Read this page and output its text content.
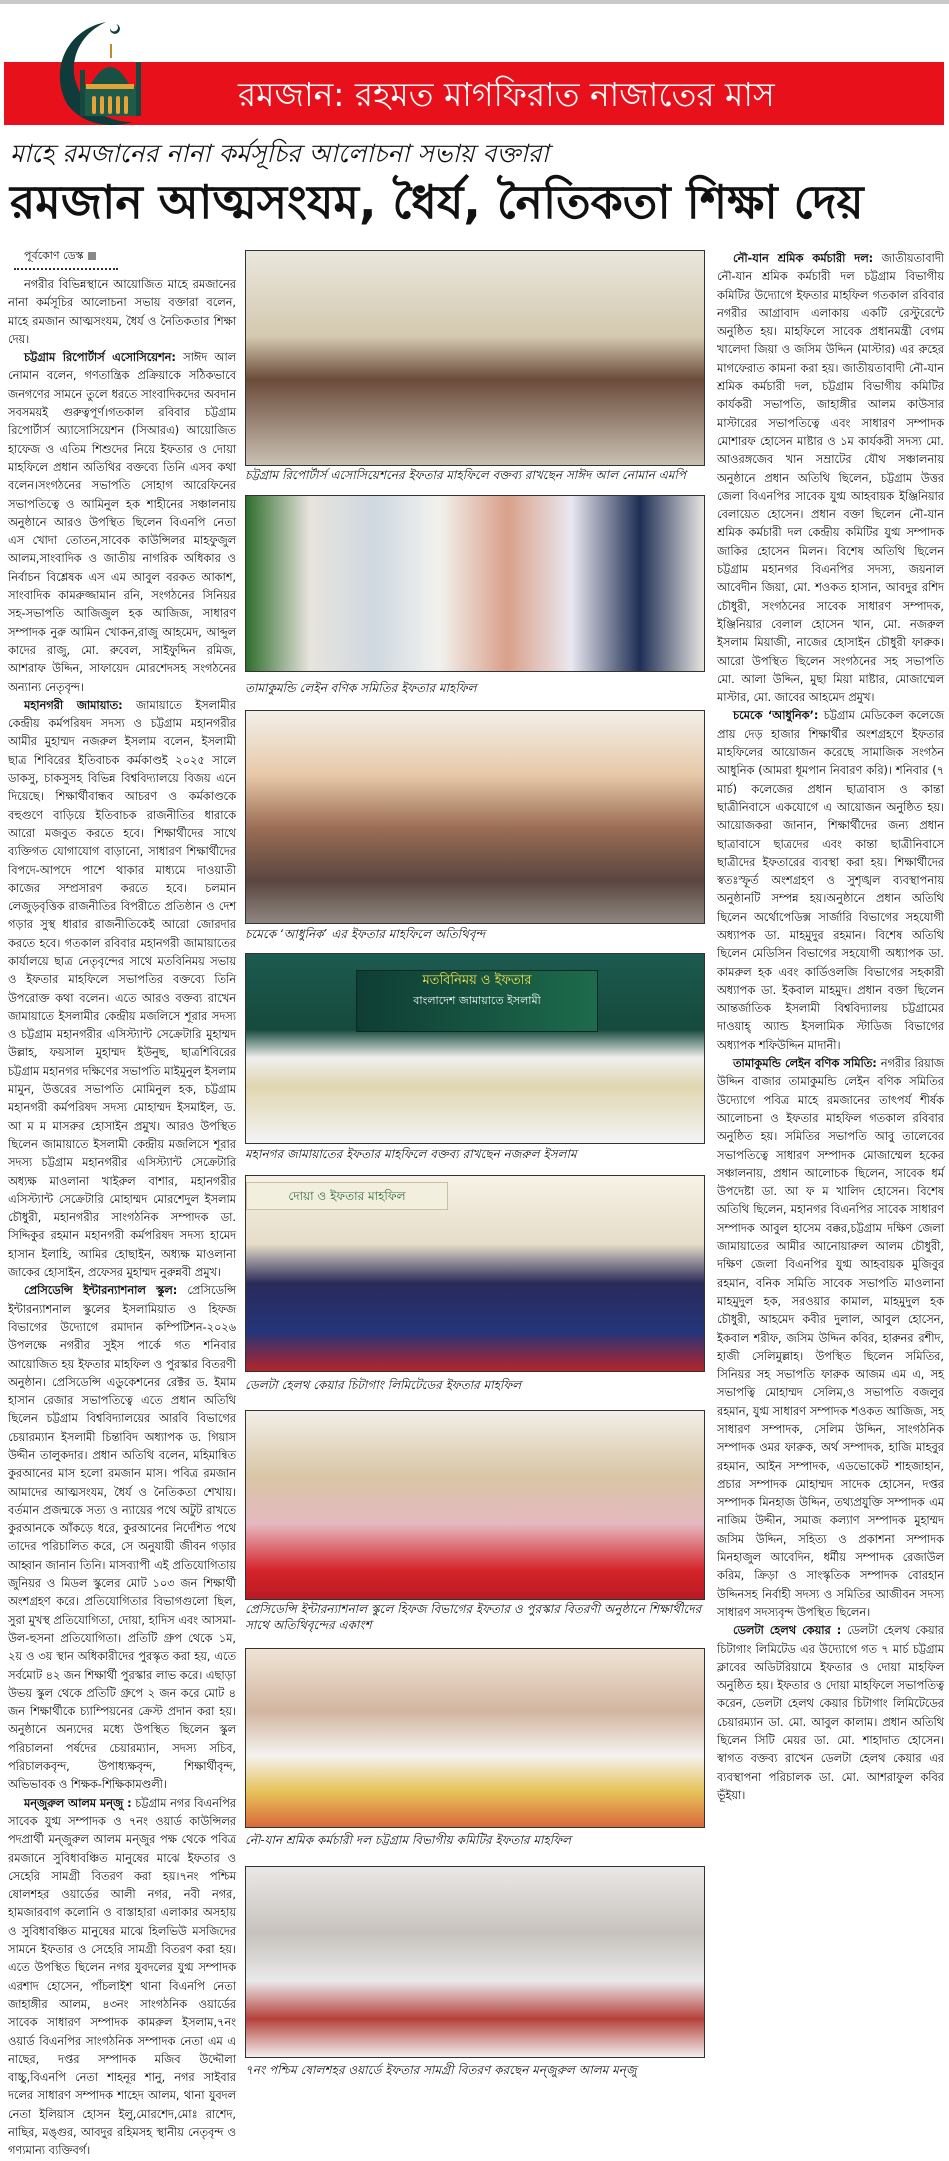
রমজান: রহমত মাগফিরাত নাজাতের মাস
মাহে রমজানের নানা কর্মসূচির আলোচনা সভায় বক্তারা
রমজান আত্মসংযম, ধৈর্য, নৈতিকতা শিক্ষা দেয়
পূর্বকোণ ডেস্ক

নগরীর বিভিন্নস্থানে আয়োজিত মাহে রমজানের নানা কর্মসূচির আলোচনা সভায় বক্তারা বলেন, মাহে রমজান আত্মসংযম, ধৈর্য ও নৈতিকতার শিক্ষা দেয়।

চট্টগ্রাম রিপোর্টার্স এসোসিয়েশন: সাঈদ আল নোমান বলেন, গণতান্ত্রিক প্রক্রিয়াকে সঠিকভাবে জনগণের সামনে তুলে ধরতে সাংবাদিকদের অবদান সবসময়ই গুরুত্বপূর্ণ।গতকাল রবিবার চট্টগ্রাম রিপোর্টার্স অ্যাসোসিয়েশন (সিআরএ) আয়োজিত হাফেজ ও এতিম শিশুদের নিয়ে ইফতার ও দোয়া মাহফিলে প্রধান অতিথির বক্তব্যে তিনি এসব কথা বলেন।সংগঠনের সভাপতি সোহাগ আরেফিনের সভাপতিত্বে ও আমিনুল হক শাহীনের সঞ্চালনায় অনুষ্ঠানে আরও উপস্থিত ছিলেন বিএনপি নেতা এস খোদা তোতন,সাবেক কাউন্সিলর মাহফুজুল আলম,সাংবাদিক ও জাতীয় নাগরিক অধিকার ও নির্বাচন বিশ্লেষক এস এম আবুল বরকত আকাশ, সাংবাদিক কামরুজ্জামান রনি, সংগঠনের সিনিয়র সহ-সভাপতি আজিজুল হক আজিজ, সাধারণ সম্পাদক নুরু আমিন খোকন,রাজু আহমেদ, আব্দুল কাদের রাজু, মো. রুবেল, সাইফুদ্দিন রমিজ, আশরাফ উদ্দিন, সাফায়েদ মোরশেদসহ সংগঠনের অন্যান্য নেতৃবৃন্দ।

মহানগরী জামায়াত: জামায়াতে ইসলামীর কেন্দ্রীয় কর্মপরিষদ সদস্য ও চট্টগ্রাম মহানগরীর আমীর মুহাম্মদ নজরুল ইসলাম বলেন, ইসলামী ছাত্র শিবিরের ইতিবাচক কর্মকাণ্ডই ২০২৫ সালে ডাকসু, চাকসুসহ বিভিন্ন বিশ্ববিদ্যালয়ে বিজয় এনে দিয়েছে। শিক্ষার্থীবান্ধব আচরণ ও কর্মকাণ্ডকে বহুগুণে বাড়িয়ে ইতিবাচক রাজনীতির ধারাকে আরো মজবুত করতে হবে। শিক্ষার্থীদের সাথে ব্যক্তিগত যোগাযোগ বাড়ানো, সাধারণ শিক্ষার্থীদের বিপদে-আপদে পাশে থাকার মাধ্যমে দাওয়াতী কাজের সম্প্রসারণ করতে হবে। চলমান লেজুড়বৃত্তিক রাজনীতির বিপরীতে প্রতিষ্ঠান ও দেশ গড়ার সুস্থ ধারার রাজনীতিকেই আরো জোরদার করতে হবে। গতকাল রবিবার মহানগরী জামায়াতের কার্যালয়ে ছাত্র নেতৃবৃন্দের সাথে মতবিনিময় সভায় ও ইফতার মাহফিলে সভাপতির বক্তব্যে তিনি উপরোক্ত কথা বলেন। এতে আরও বক্তব্য রাখেন জামায়াতে ইসলামীর কেন্দ্রীয় মজলিসে শূরার সদস্য ও চট্টগ্রাম মহানগরীর এসিস্ট্যান্ট সেক্রেটারি মুহাম্মদ উল্লাহ, ফয়সাল মুহাম্মদ ইউনুছ, ছাত্রশিবিরের চট্টগ্রাম মহানগর দক্ষিণের সভাপতি মাইমুনুল ইসলাম মামুন, উত্তরের সভাপতি মোমিনুল হক, চট্টগ্রাম মহানগরী কর্মপরিষদ সদস্য মোহাম্মদ ইসমাইল, ড. আ ম ম মাসরুর হোসাইন প্রমুখ। আরও উপস্থিত ছিলেন জামায়াতে ইসলামী কেন্দ্রীয় মজলিসে শূরার সদস্য চট্টগ্রাম মহানগরীর এসিস্ট্যান্ট সেক্রেটারি অধ্যক্ষ মাওলানা খাইরুল বাশার, মহানগরীর এসিস্ট্যান্ট সেক্রেটারি মোহাম্মদ মোরশেদুল ইসলাম চৌধুরী, মহানগরীর সাংগঠনিক সম্পাদক ডা. সিদ্দিকুর রহমান মহানগরী কর্মপরিষদ সদস্য হামেদ হাসান ইলাহি, আমির হোছাইন, অধ্যক্ষ মাওলানা জাকের হোসাইন, প্রফেসর মুহাম্মদ নুরুন্নবী প্রমুখ।

প্রেসিডেন্সি ইন্টারন্যাশনাল স্কুল: প্রেসিডেন্সি ইন্টারন্যাশনাল স্কুলের ইসলামিয়াত ও হিফজ বিভাগের উদ্যোগে রমাদান কম্পিটিশন-২০২৬ উপলক্ষে নগরীর সুইস পার্কে গত শনিবার আয়োজিত হয় ইফতার মাহফিল ও পুরস্কার বিতরণী অনুষ্ঠান। প্রেসিডেন্সি এডুকেশনের রেক্টর ড. ইমাম হাসান রেজার সভাপতিত্বে এতে প্রধান অতিথি ছিলেন চট্টগ্রাম বিশ্ববিদ্যালয়ের আরবি বিভাগের চেয়ারম্যান ইসলামী চিন্তাবিদ অধ্যাপক ড. গিয়াস উদ্দীন তালুকদার। প্রধান অতিথি বলেন, মহিমান্বিত কুরআনের মাস হলো রমজান মাস। পবিত্র রমজান আমাদের আত্মসংযম, ধৈর্য ও নৈতিকতা শেখায়। বর্তমান প্রজন্মকে সত্য ও ন্যায়ের পথে অটুট রাখতে কুরআনকে আঁকড়ে ধরে, কুরআনের নির্দেশিত পথে তাদের পরিচালিত করে, সে অনুযায়ী জীবন গড়ার আহ্বান জানান তিনি। মাসব্যাপী এই প্রতিযোগিতায় জুনিয়র ও মিডল স্কুলের মোট ১০৩ জন শিক্ষার্থী অংশগ্রহণ করে। প্রতিযোগিতার বিভাগগুলো ছিল, সুরা মুখস্থ প্রতিযোগিতা, দোয়া, হাদিস এবং আসমা-উল-হুসনা প্রতিযোগিতা। প্রতিটি গ্রুপ থেকে ১ম, ২য় ও ৩য় স্থান অধিকারীদের পুরস্কৃত করা হয়, এতে সর্বমোট ৪২ জন শিক্ষার্থী পুরস্কার লাভ করে। এছাড়া উভয় স্কুল থেকে প্রতিটি গ্রুপে ২ জন করে মোট ৪ জন শিক্ষার্থীকে চ্যাম্পিয়নের ক্রেস্ট প্রদান করা হয়। অনুষ্ঠানে অন্যদের মধ্যে উপস্থিত ছিলেন স্কুল পরিচালনা পর্ষদের চেয়ারম্যান, সদস্য সচিব, পরিচালকবৃন্দ, উপাধ্যক্ষবৃন্দ, শিক্ষার্থীবৃন্দ, অভিভাবক ও শিক্ষক-শিক্ষিকামণ্ডলী।

মন্‌জুরুল আলম মন্‌জু : চট্টগ্রাম নগর বিএনপির সাবেক যুগ্ম সম্পাদক ও ৭নং ওয়ার্ড কাউন্সিলর পদপ্রার্থী মন্‌জুরুল আলম মন্‌জুর পক্ষ থেকে পবিত্র রমজানে সুবিধাবঞ্চিত মানুষের মাঝে ইফতার ও সেহেরি সামগ্রী বিতরণ করা হয়।৭নং পশ্চিম ষোলশহর ওয়ার্ডের আলী নগর, নবী নগর, হামজারবাগ কলোনি ও বাস্তাহারা এলাকার অসহায় ও সুবিধাবঞ্চিত মানুষের মাঝে হিলভিউ মসজিদের সামনে ইফতার ও সেহেরি সামগ্রী বিতরণ করা হয়।এতে উপস্থিত ছিলেন নগর যুবদলের যুগ্ম সম্পাদক এরশাদ হোসেন, পাঁচলাইশ থানা বিএনপি নেতা জাহাঙ্গীর আলম, ৪৩নং সাংগঠনিক ওয়ার্ডের সাবেক সাধারণ সম্পাদক কামরুল ইসলাম,৭নং ওয়ার্ড বিএনপির সাংগঠনিক সম্পাদক নেতা এম এ নাছের, দপ্তর সম্পাদক মজিব উদ্দৌলা বাচ্চু,বিএনপি নেতা শাহনূর শানু, নগর সাইবার দলের সাধারণ সম্পাদক শাহেদ আলম, থানা যুবদল নেতা ইলিয়াস হোসন ইলু,মোরশেদ,মোঃ রাশেদ, নাছির, মঙ্গুর, আবদুর রহিমসহ স্থানীয় নেতৃবৃন্দ ও গণ্যমান্য ব্যক্তিবর্গ।

নৌ-যান শ্রমিক কর্মচারী দল: জাতীয়তাবাদী নৌ-যান শ্রমিক কর্মচারী দল চট্টগ্রাম বিভাগীয় কমিটির উদ্যোগে ইফতার মাহফিল গতকাল রবিবার নগরীর আগ্রাবাদ এলাকায় একটি রেস্টুরেন্টে অনুষ্ঠিত হয়। মাহফিলে সাবেক প্রধানমন্ত্রী বেগম খালেদা জিয়া ও জসিম উদ্দিন (মাস্টার) এর রুহের মাগফেরাত কামনা করা হয়। জাতীয়তাবাদী নৌ-যান শ্রমিক কর্মচারী দল, চট্টগ্রাম বিভাগীয় কমিটির কার্যকরী সভাপতি, জাহাঙ্গীর আলম কাউসার মাস্টারের সভাপতিত্বে এবং সাধারণ সম্পাদক মোশারফ হোসেন মাষ্টার ও ১ম কার্যকরী সদস্য মো. আওরঙ্গজেব খান সম্রাটের যৌথ সঞ্চালনায় অনুষ্ঠানে প্রধান অতিথি ছিলেন, চট্টগ্রাম উত্তর জেলা বিএনপির সাবেক যুগ্ম আহবায়ক ইঞ্জিনিয়ার বেলায়েত হোসেন। প্রধান বক্তা ছিলেন নৌ-যান শ্রমিক কর্মচারী দল কেন্দ্রীয় কমিটির যুগ্ম সম্পাদক জাকির হোসেন মিলন। বিশেষ অতিথি ছিলেন চট্টগ্রাম মহানগর বিএনপির সদস্য, জয়নাল আবেদীন জিয়া, মো. শওকত হাসান, আবদুর রশিদ চৌধুরী, সংগঠনের সাবেক সাধারণ সম্পাদক, ইঞ্জিনিয়ার বেলাল হোসেন খান, মো. নজরুল ইসলাম মিয়াজী, নাজের হোসাইন চৌধুরী ফারুক। আরো উপস্থিত ছিলেন সংগঠনের সহ সভাপতি মো. আলা উদ্দিন, মুছা মিয়া মাষ্টার, মোজাম্মেল মাস্টার, মো. জাবের আহমেদ প্রমুখ।

চমেকে ‘আধুনিক’: চট্টগ্রাম মেডিকেল কলেজে প্রায় দেড় হাজার শিক্ষার্থীর অংশগ্রহণে ইফতার মাহফিলের আয়োজন করেছে সামাজিক সংগঠন আধুনিক (আমরা ধূমপান নিবারণ করি)। শনিবার (৭ মার্চ) কলেজের প্রধান ছাত্রাবাস ও কান্তা ছাত্রীনিবাসে একযোগে এ আয়োজন অনুষ্ঠিত হয়। আয়োজকরা জানান, শিক্ষার্থীদের জন্য প্রধান ছাত্রাবাসে ছাত্রদের এবং কান্তা ছাত্রীনিবাসে ছাত্রীদের ইফতারের ব্যবস্থা করা হয়। শিক্ষার্থীদের স্বতঃস্ফূর্ত অংশগ্রহণ ও সুশৃঙ্খল ব্যবস্থাপনায় অনুষ্ঠানটি সম্পন্ন হয়।অনুষ্ঠানে প্রধান অতিথি ছিলেন অর্থোপেডিক্স সার্জারি বিভাগের সহযোগী অধ্যাপক ডা. মাহমুদুর রহমান। বিশেষ অতিথি ছিলেন মেডিসিন বিভাগের সহযোগী অধ্যাপক ডা. কামরুল হক এবং কার্ডিওলজি বিভাগের সহকারী অধ্যাপক ডা. ইকবাল মাহমুদ। প্রধান বক্তা ছিলেন আন্তর্জাতিক ইসলামী বিশ্ববিদ্যালয় চট্টগ্রামের দাওয়াহ্ অ্যান্ড ইসলামিক স্টাডিজ বিভাগের অধ্যাপক শফিউদ্দিন মাদানী।

তামাকুমন্ডি লেইন বণিক সমিতি: নগরীর রিয়াজ উদ্দিন বাজার তামাকুমন্ডি লেইন বণিক সমিতির উদ্যোগে পবিত্র মাহে রমজানের তাৎপর্য শীর্ষক আলোচনা ও ইফতার মাহফিল গতকাল রবিবার অনুষ্ঠিত হয়। সমিতির সভাপতি আবু তালেবের সভাপতিত্বে সাধারণ সম্পাদক মোজাম্মেল হকের সঞ্চালনায়, প্রধান আলোচক ছিলেন, সাবেক ধর্ম উপদেষ্টা ডা. আ ফ ম খালিদ হোসেন। বিশেষ অতিথি ছিলেন, মহানগর বিএনপির সাবেক সাধারণ সম্পাদক আবুল হাসেম বক্কর,চট্টগ্রাম দক্ষিণ জেলা জামায়াতের আমীর আনোয়ারুল আলম চৌধুরী, দক্ষিণ জেলা বিএনপির যুগ্ম আহবায়ক মুজিবুর রহমান, বনিক সমিতি সাবেক সভাপতি মাওলানা মাহমুদুল হক, সরওয়ার কামাল, মাহমুদুল হক চৌধুরী, আহমেদ কবীর দুলাল, আবুল হোসেন, ইকবাল শরীফ, জসিম উদ্দিন কবির, হারুনর রশীদ, হাজী সেলিমুল্লাহ। উপস্থিত ছিলেন সমিতির, সিনিয়র সহ সভাপতি ফারুক আজম এম এ, সহ সভাপত্বি মোহাম্মদ সেলিম,ও সভাপতি বজলুর রহমান, যুগ্ম সাধারণ সম্পাদক শওকত আজিজ, সহ সাধারণ সম্পাদক, সেলিম উদ্দিন, সাংগঠনিক সম্পাদক ওমর ফারুক, অর্থ সম্পাদক, হাজি মাহবুর রহমান, আইন সম্পাদক, এডভোকেট শাহজাহান, প্রচার সম্পাদক মোহাম্মদ সাদেক হোসেন, দপ্তর সম্পাদক মিনহাজ উদ্দিন, তথ্যপ্রযুক্তি সম্পাদক এম নাজিম উদ্দীন, সমাজ কল্যাণ সম্পাদক মুহাম্মদ জসিম উদ্দিন, সহিত্য ও প্রকাশনা সম্পাদক মিনহাজুল আবেদিন, ধর্মীয় সম্পাদক রেজাউল করিম, ক্রিড়া ও সাংস্কৃতিক সম্পাদক বোরহান উদ্দিনসহ নির্বাহী সদস্য ও সমিতির আজীবন সদস্য সাধারণ সদস্যবৃন্দ উপস্থিত ছিলেন।

ডেলটা হেলথ কেয়ার : ডেলটা হেলথ কেয়ার চিটাগাং লিমিটেড এর উদ্যোগে গত ৭ মার্চ চট্টগ্রাম ক্লাবের অডিটরিয়ামে ইফতার ও দোয়া মাহফিল অনুষ্ঠিত হয়। ইফতার ও দোয়া মাহফিলে সভাপতিত্ব করেন, ডেলটা হেলথ কেয়ার চিটাগাং লিমিটেডের চেয়ারম্যান ডা. মো. আবুল কালাম। প্রধান অতিথি ছিলেন সিটি মেয়র ডা. মো. শাহাদাত হোসেন। স্বাগত বক্তব্য রাখেন ডেলটা হেলথ কেয়ার এর ব্যবস্থাপনা পরিচালক ডা. মো. আশরাফুল কবির ভূঁইয়া।

চট্টগ্রাম রিপোর্টার্স এসোসিয়েশনের ইফতার মাহফিলে বক্তব্য রাখছেন সাঈদ আল নোমান এমপি
তামাকুমন্ডি লেইন বণিক সমিতির ইফতার মাহফিল
চমেকে ‘আধুনিক’ এর ইফতার মাহফিলে অতিথিবৃন্দ
মতবিনিময় ও ইফতার
বাংলাদেশ জামায়াতে ইসলামী
মহানগর জামায়াতের ইফতার মাহফিলে বক্তব্য রাখছেন নজরুল ইসলাম
দোয়া ও ইফতার মাহফিল
ডেলটা হেলথ কেয়ার চিটাগাং লিমিটেডের ইফতার মাহফিল
প্রেসিডেন্সি ইন্টারন্যাশনাল স্কুলে হিফজ বিভাগের ইফতার ও পুরস্কার বিতরণী অনুষ্ঠানে শিক্ষার্থীদের সাথে অতিথিবৃন্দের একাংশ
নৌ-যান শ্রমিক কর্মচারী দল চট্টগ্রাম বিভাগীয় কমিটির ইফতার মাহফিল
৭নং পশ্চিম ষোলশহর ওয়ার্ডে ইফতার সামগ্রী বিতরণ করছেন মন্‌জুরুল আলম মন্‌জু
